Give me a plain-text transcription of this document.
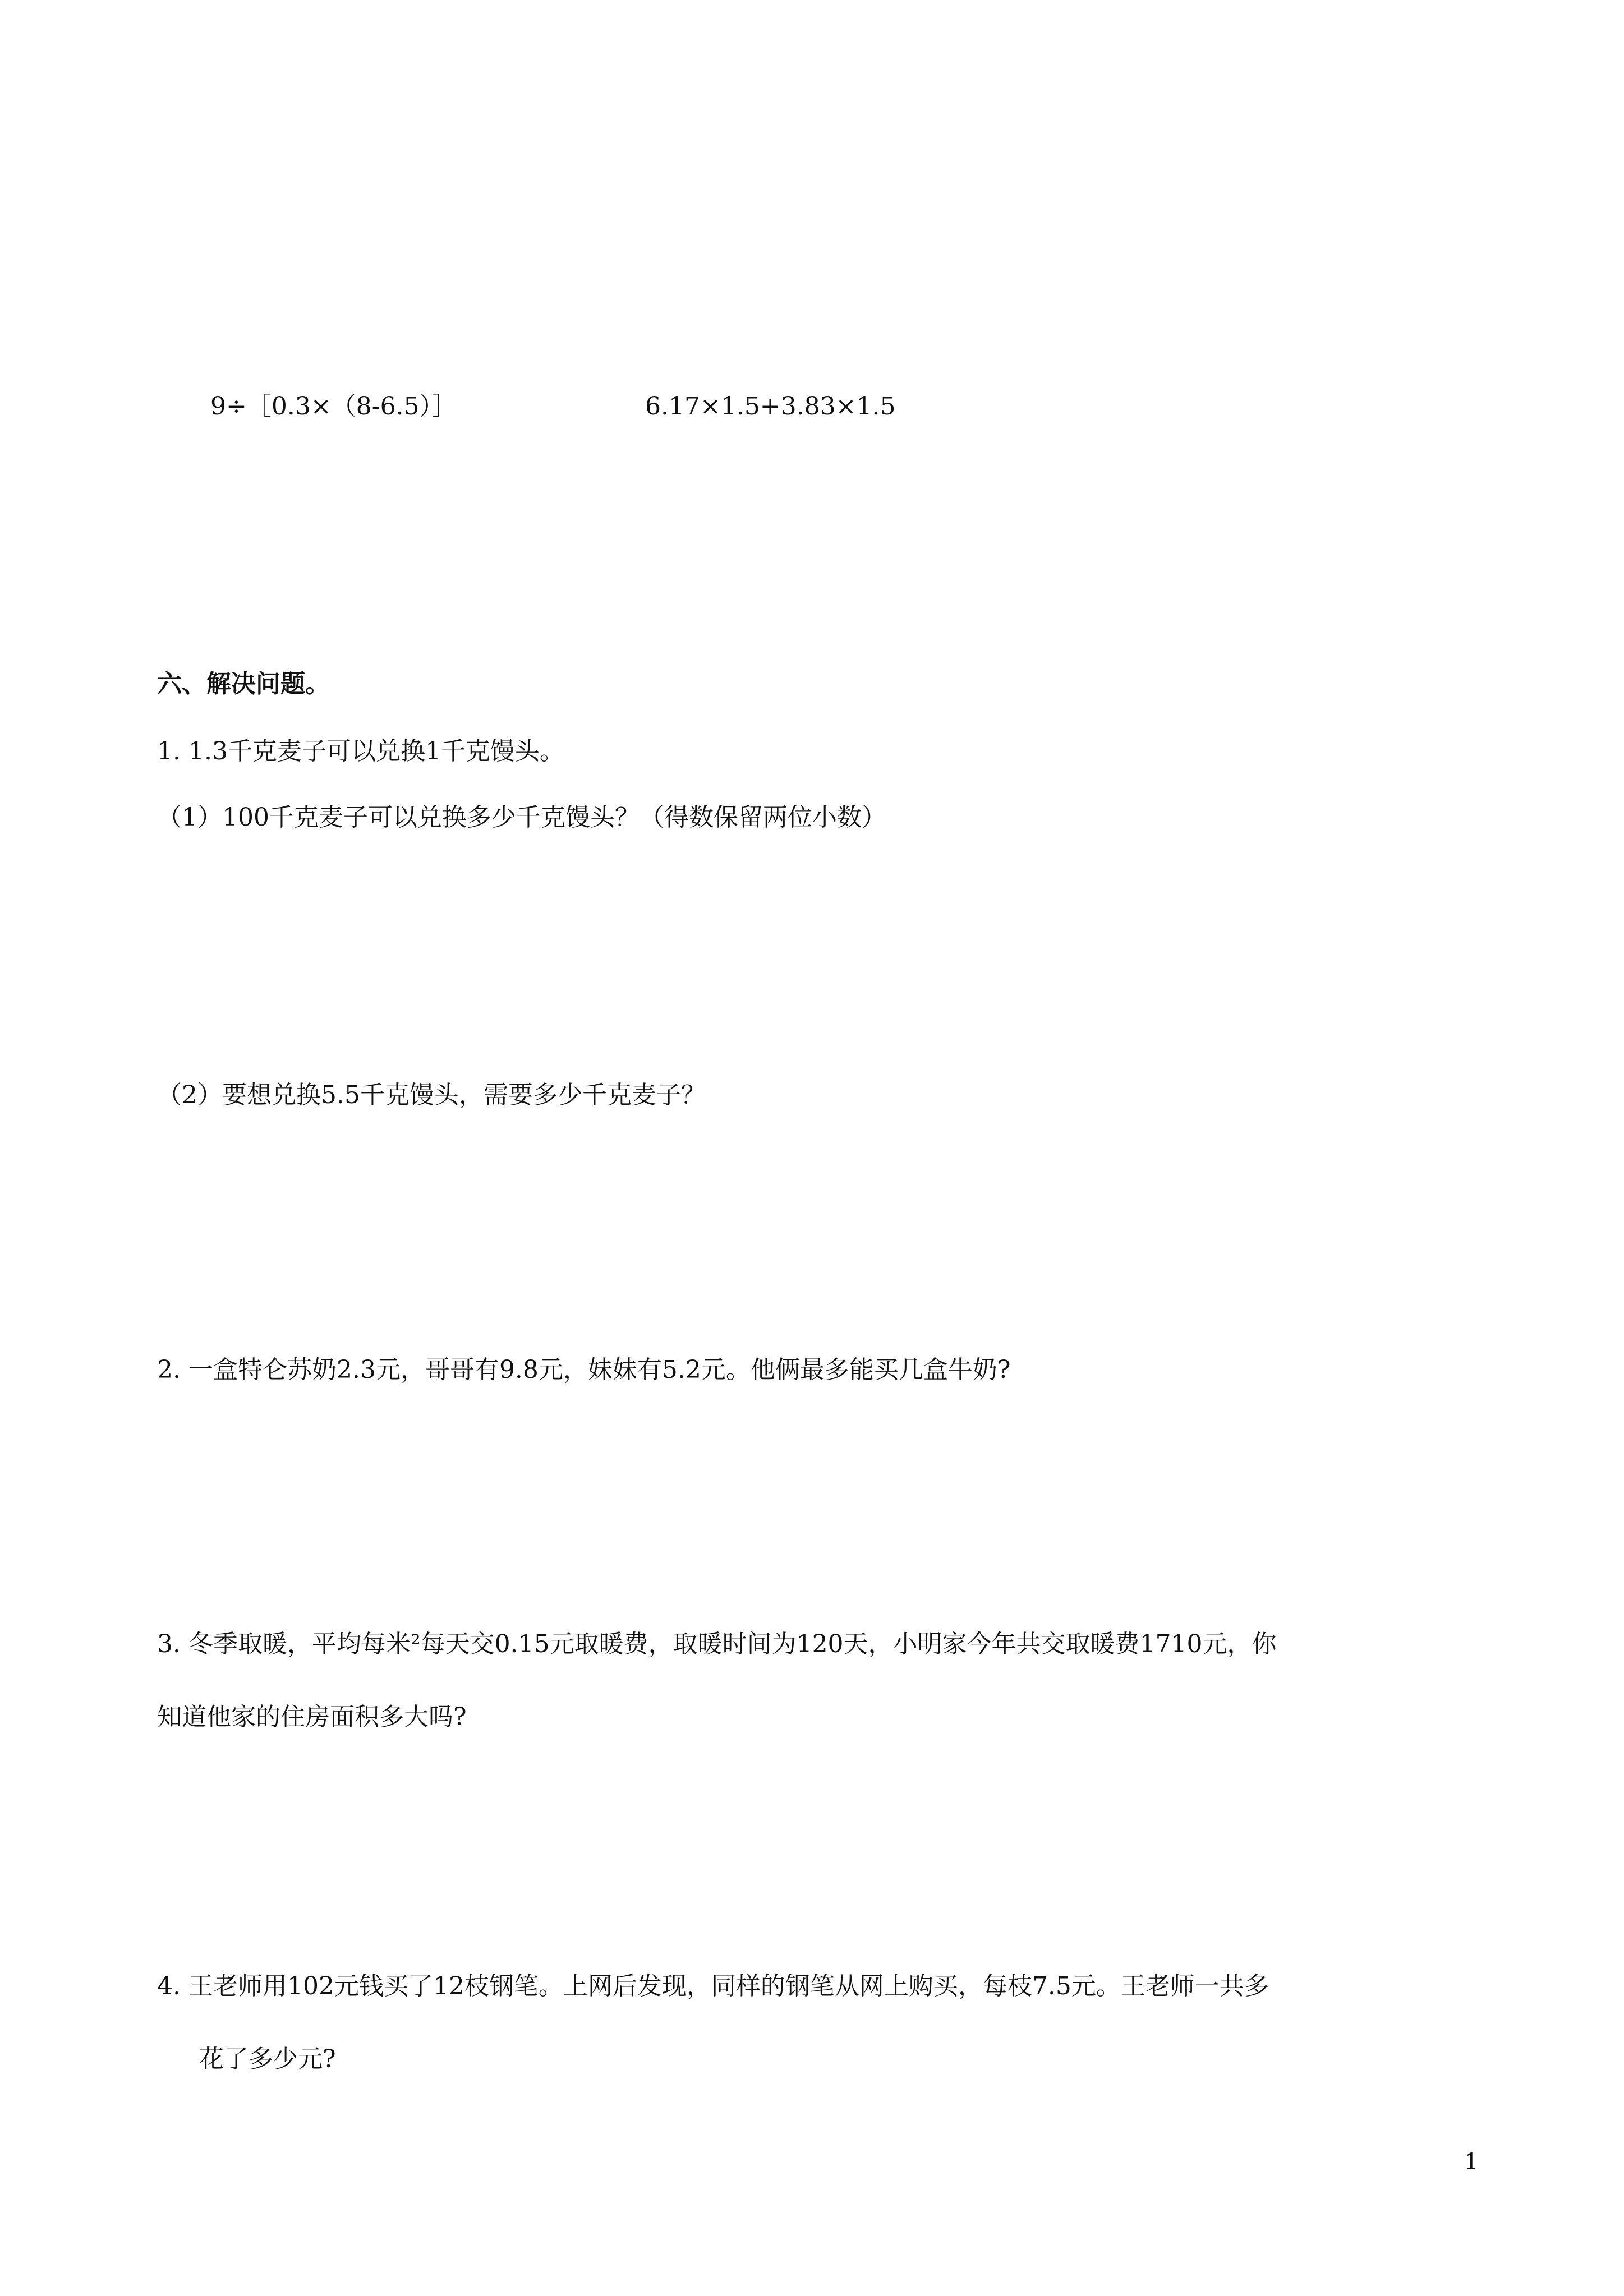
9÷［0.3×（8-6.5）］	6.17×1.5+3.83×1.5
六、解决问题。
1. 1.3千克麦子可以兑换1千克馒头。
（1）100千克麦子可以兑换多少千克馒头？（得数保留两位小数）
（2）要想兑换5.5千克馒头，需要多少千克麦子？
2. 一盒特仑苏奶2.3元，哥哥有9.8元，妹妹有5.2元。他俩最多能买几盒牛奶?
3. 冬季取暖，平均每米²每天交0.15元取暖费，取暖时间为120天，小明家今年共交取暖费1710元，你
知道他家的住房面积多大吗?
4. 王老师用102元钱买了12枝钢笔。上网后发现，同样的钢笔从网上购买，每枝7.5元。王老师一共多
花了多少元?
1
